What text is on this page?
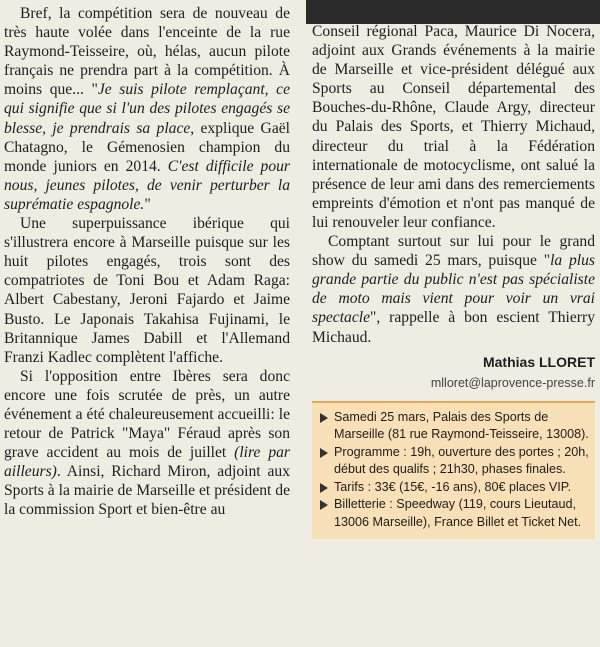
Bref, la compétition sera de nouveau de très haute volée dans l'enceinte de la rue Raymond-Teisseire, où, hélas, aucun pilote français ne prendra part à la compétition. À moins que... "Je suis pilote remplaçant, ce qui signifie que si l'un des pilotes engagés se blesse, je prendrais sa place, explique Gaël Chatagno, le Gémenosien champion du monde juniors en 2014. C'est difficile pour nous, jeunes pilotes, de venir perturber la suprématie espagnole."

Une superpuissance ibérique qui s'illustrera encore à Marseille puisque sur les huit pilotes engagés, trois sont des compatriotes de Toni Bou et Adam Raga: Albert Cabestany, Jeroni Fajardo et Jaime Busto. Le Japonais Takahisa Fujinami, le Britannique James Dabill et l'Allemand Franzi Kadlec complètent l'affiche.

Si l'opposition entre Ibères sera donc encore une fois scrutée de près, un autre événement a été chaleureusement accueilli: le retour de Patrick "Maya" Féraud après son grave accident au mois de juillet (lire par ailleurs). Ainsi, Richard Miron, adjoint aux Sports à la mairie de Marseille et président de la commission Sport et bien-être au

Conseil régional Paca, Maurice Di Nocera, adjoint aux Grands événements à la mairie de Marseille et vice-président délégué aux Sports au Conseil départemental des Bouches-du-Rhône, Claude Argy, directeur du Palais des Sports, et Thierry Michaud, directeur du trial à la Fédération internationale de motocyclisme, ont salué la présence de leur ami dans des remerciements empreints d'émotion et n'ont pas manqué de lui renouveler leur confiance.

Comptant surtout sur lui pour le grand show du samedi 25 mars, puisque "la plus grande partie du public n'est pas spécialiste de moto mais vient pour voir un vrai spectacle", rappelle à bon escient Thierry Michaud.

Mathias LLORET
mlloret@laprovence-presse.fr
Samedi 25 mars, Palais des Sports de Marseille (81 rue Raymond-Teisseire, 13008).
Programme : 19h, ouverture des portes ; 20h, début des qualifs ; 21h30, phases finales.
Tarifs : 33€ (15€, -16 ans), 80€ places VIP.
Billetterie : Speedway (119, cours Lieutaud, 13006 Marseille), France Billet et Ticket Net.
